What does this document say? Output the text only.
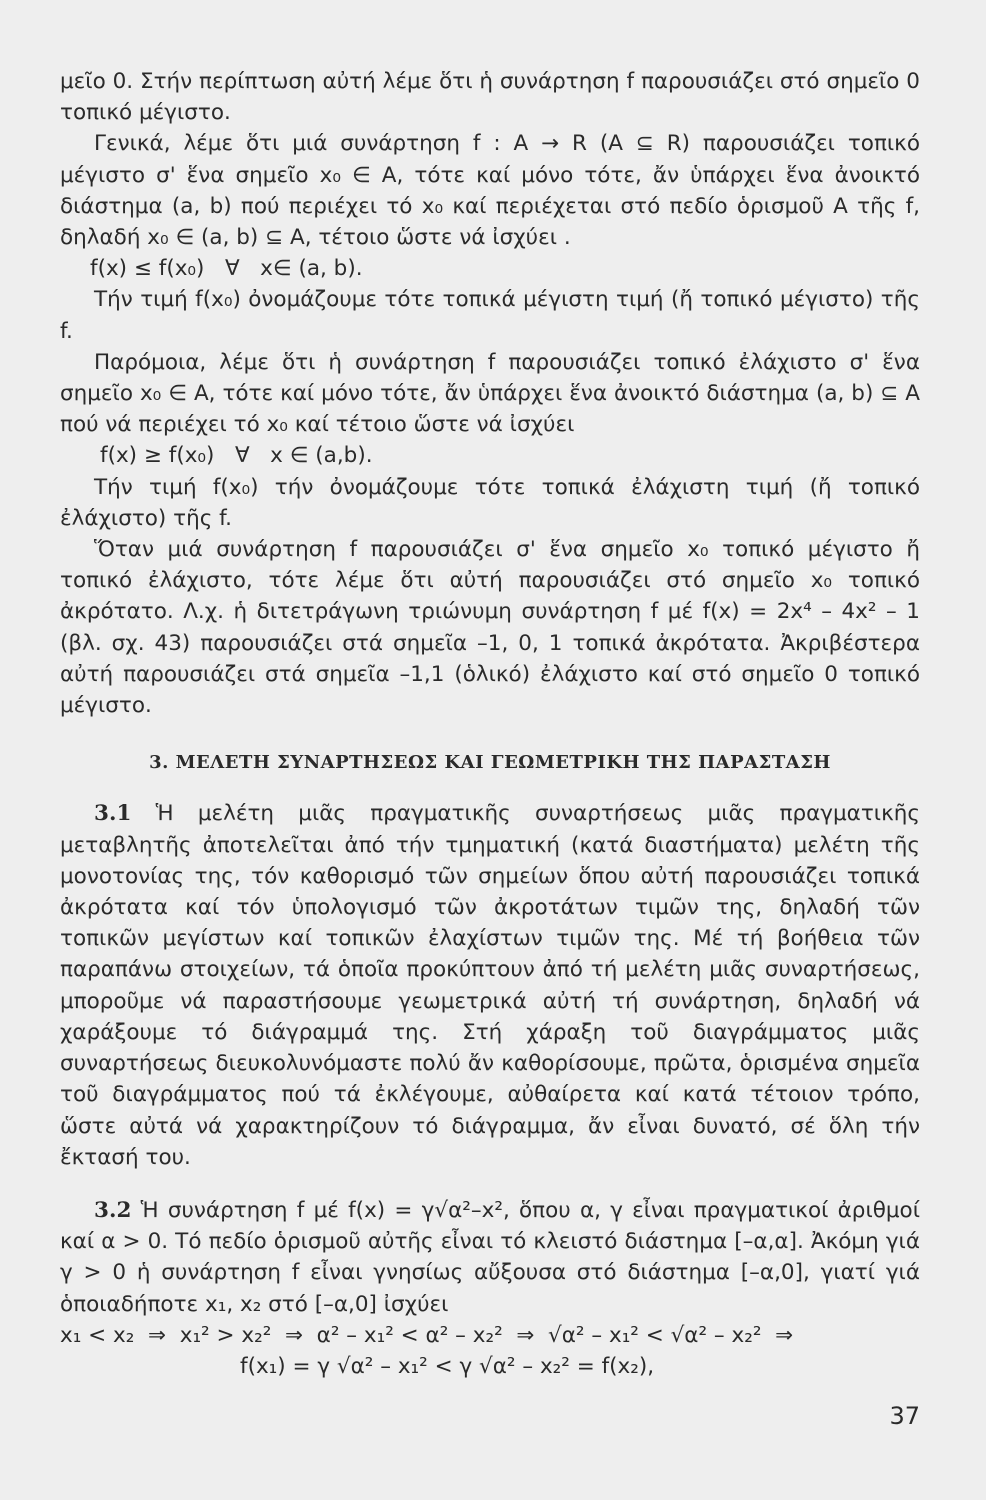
μεῖο 0. Στήν περίπτωση αὐτή λέμε ὅτι ἡ συνάρτηση f παρουσιάζει στό σημεῖο 0 τοπικό μέγιστο.

Γενικά, λέμε ὅτι μιά συνάρτηση f : A → R (A ⊆ R) παρουσιάζει τοπικό μέγιστο σ' ἕνα σημεῖο x₀ ∈ A, τότε καί μόνο τότε, ἄν ὑπάρχει ἕνα ἀνοικτό διάστημα (a, b) πού περιέχει τό x₀ καί περιέχεται στό πεδίο ὁρισμοῦ A τῆς f, δηλαδή x₀ ∈ (a, b) ⊆ A, τέτοιο ὥστε νά ἰσχύει .

f(x) ≤ f(x₀)   ∀   x∈ (a, b).

Τήν τιμή f(x₀) ὀνομάζουμε τότε τοπικά μέγιστη τιμή (ἤ τοπικό μέγιστο) τῆς f.

Παρόμοια, λέμε ὅτι ἡ συνάρτηση f παρουσιάζει τοπικό ἐλάχιστο σ' ἕνα σημεῖο x₀ ∈ A, τότε καί μόνο τότε, ἄν ὑπάρχει ἕνα ἀνοικτό διάστημα (a, b) ⊆ A πού νά περιέχει τό x₀ καί τέτοιο ὥστε νά ἰσχύει

f(x) ≥ f(x₀)   ∀   x ∈ (a,b).

Τήν τιμή f(x₀) τήν ὀνομάζουμε τότε τοπικά ἐλάχιστη τιμή (ἤ τοπικό ἐλάχιστο) τῆς f.

Ὅταν μιά συνάρτηση f παρουσιάζει σ' ἕνα σημεῖο x₀ τοπικό μέγιστο ἤ τοπικό ἐλάχιστο, τότε λέμε ὅτι αὐτή παρουσιάζει στό σημεῖο x₀ τοπικό ἀκρότατο. Λ.χ. ἡ διτετράγωνη τριώνυμη συνάρτηση f μέ f(x) = 2x⁴ – 4x² – 1 (βλ. σχ. 43) παρουσιάζει στά σημεῖα –1, 0, 1 τοπικά ἀκρότατα. Ἀκριβέστερα αὐτή παρουσιάζει στά σημεῖα –1,1 (ὁλικό) ἐλάχιστο καί στό σημεῖο 0 τοπικό μέγιστο.

3. ΜΕΛΕΤΗ ΣΥΝΑΡΤΗΣΕΩΣ ΚΑΙ ΓΕΩΜΕΤΡΙΚΗ ΤΗΣ ΠΑΡΑΣΤΑΣΗ

3.1 Ἡ μελέτη μιᾶς πραγματικῆς συναρτήσεως μιᾶς πραγματικῆς μεταβλητῆς ἀποτελεῖται ἀπό τήν τμηματική (κατά διαστήματα) μελέτη τῆς μονοτονίας της, τόν καθορισμό τῶν σημείων ὅπου αὐτή παρουσιάζει τοπικά ἀκρότατα καί τόν ὑπολογισμό τῶν ἀκροτάτων τιμῶν της, δηλαδή τῶν τοπικῶν μεγίστων καί τοπικῶν ἐλαχίστων τιμῶν της. Μέ τή βοήθεια τῶν παραπάνω στοιχείων, τά ὁποῖα προκύπτουν ἀπό τή μελέτη μιᾶς συναρτήσεως, μποροῦμε νά παραστήσουμε γεωμετρικά αὐτή τή συνάρτηση, δηλαδή νά χαράξουμε τό διάγραμμά της. Στή χάραξη τοῦ διαγράμματος μιᾶς συναρτήσεως διευκολυνόμαστε πολύ ἄν καθορίσουμε, πρῶτα, ὁρισμένα σημεῖα τοῦ διαγράμματος πού τά ἐκλέγουμε, αὐθαίρετα καί κατά τέτοιον τρόπο, ὥστε αὐτά νά χαρακτηρίζουν τό διάγραμμα, ἄν εἶναι δυνατό, σέ ὅλη τήν ἔκτασή του.

3.2 Ἡ συνάρτηση f μέ f(x) = γ√α²–x², ὅπου α, γ εἶναι πραγματικοί ἀριθμοί καί α > 0. Τό πεδίο ὁρισμοῦ αὐτῆς εἶναι τό κλειστό διάστημα [–α,α]. Ἀκόμη γιά γ > 0 ἡ συνάρτηση f εἶναι γνησίως αὔξουσα στό διάστημα [–α,0], γιατί γιά ὁποιαδήποτε x₁, x₂ στό [–α,0] ἰσχύει

x₁ < x₂  ⇒  x₁² > x₂²  ⇒  α² – x₁² < α² – x₂²  ⇒  √α² – x₁² < √α² – x₂²  ⇒

f(x₁) = γ √α² – x₁² < γ √α² – x₂² = f(x₂),

37
